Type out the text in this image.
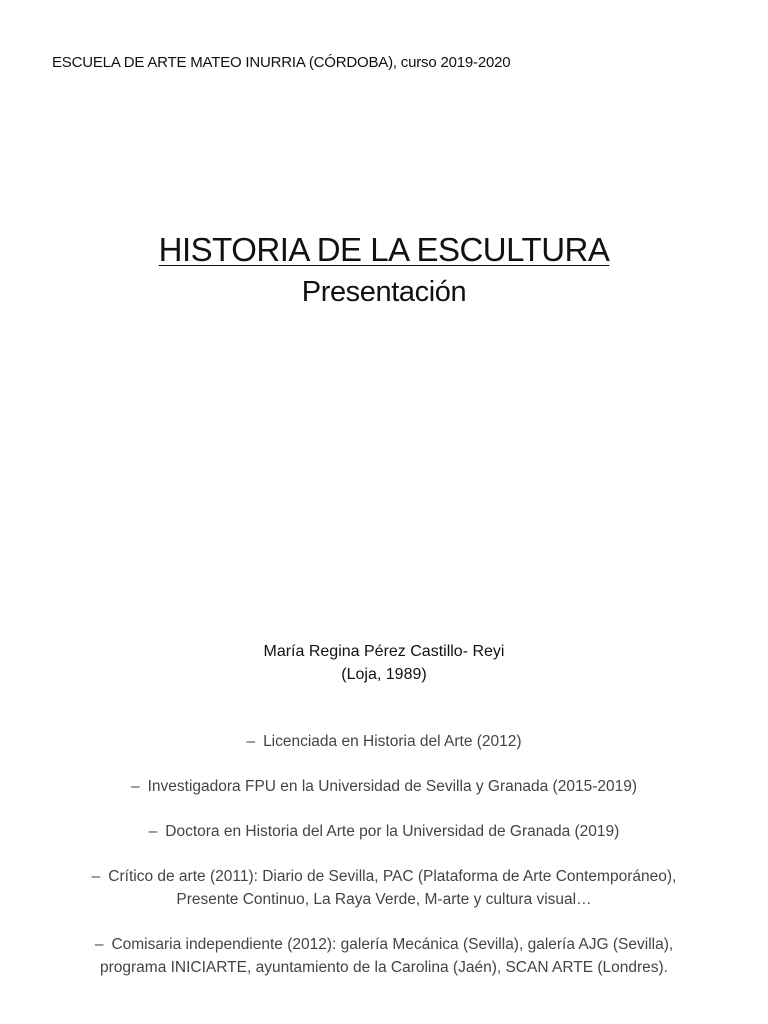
ESCUELA DE ARTE MATEO INURRIA (CÓRDOBA), curso 2019-2020
HISTORIA DE LA ESCULTURA
Presentación
María Regina Pérez Castillo- Reyi
(Loja, 1989)
– Licenciada en Historia del Arte (2012)
– Investigadora FPU en la Universidad de Sevilla y Granada (2015-2019)
– Doctora en Historia del Arte por la Universidad de Granada (2019)
– Crítico de arte (2011): Diario de Sevilla, PAC (Plataforma de Arte Contemporáneo),
Presente Continuo, La Raya Verde, M-arte y cultura visual…
– Comisaria independiente (2012): galería Mecánica (Sevilla), galería AJG (Sevilla),
programa INICIARTE, ayuntamiento de la Carolina (Jaén), SCAN ARTE (Londres).
